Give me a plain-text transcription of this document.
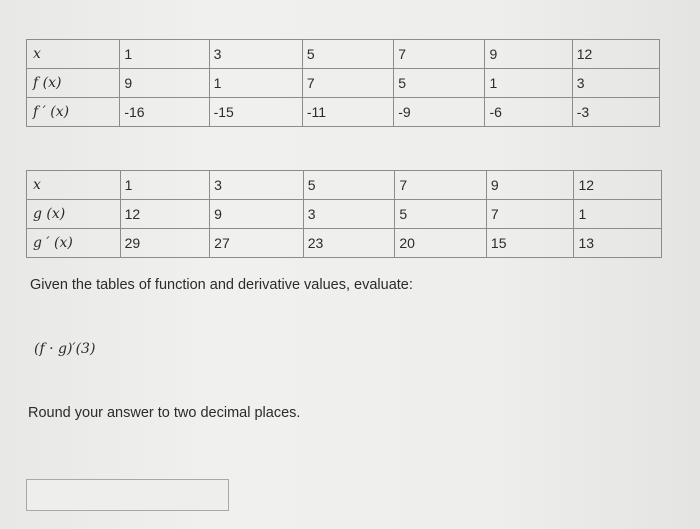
x	1	3	5	7	9	12
f (x)	9	1	7	5	1	3
f ′ (x)	-16	-15	-11	-9	-6	-3
x	1	3	5	7	9	12
g (x)	12	9	3	5	7	1
g ′ (x)	29	27	23	20	15	13
Given the tables of function and derivative values, evaluate:
(f · g)′(3)
Round your answer to two decimal places.
